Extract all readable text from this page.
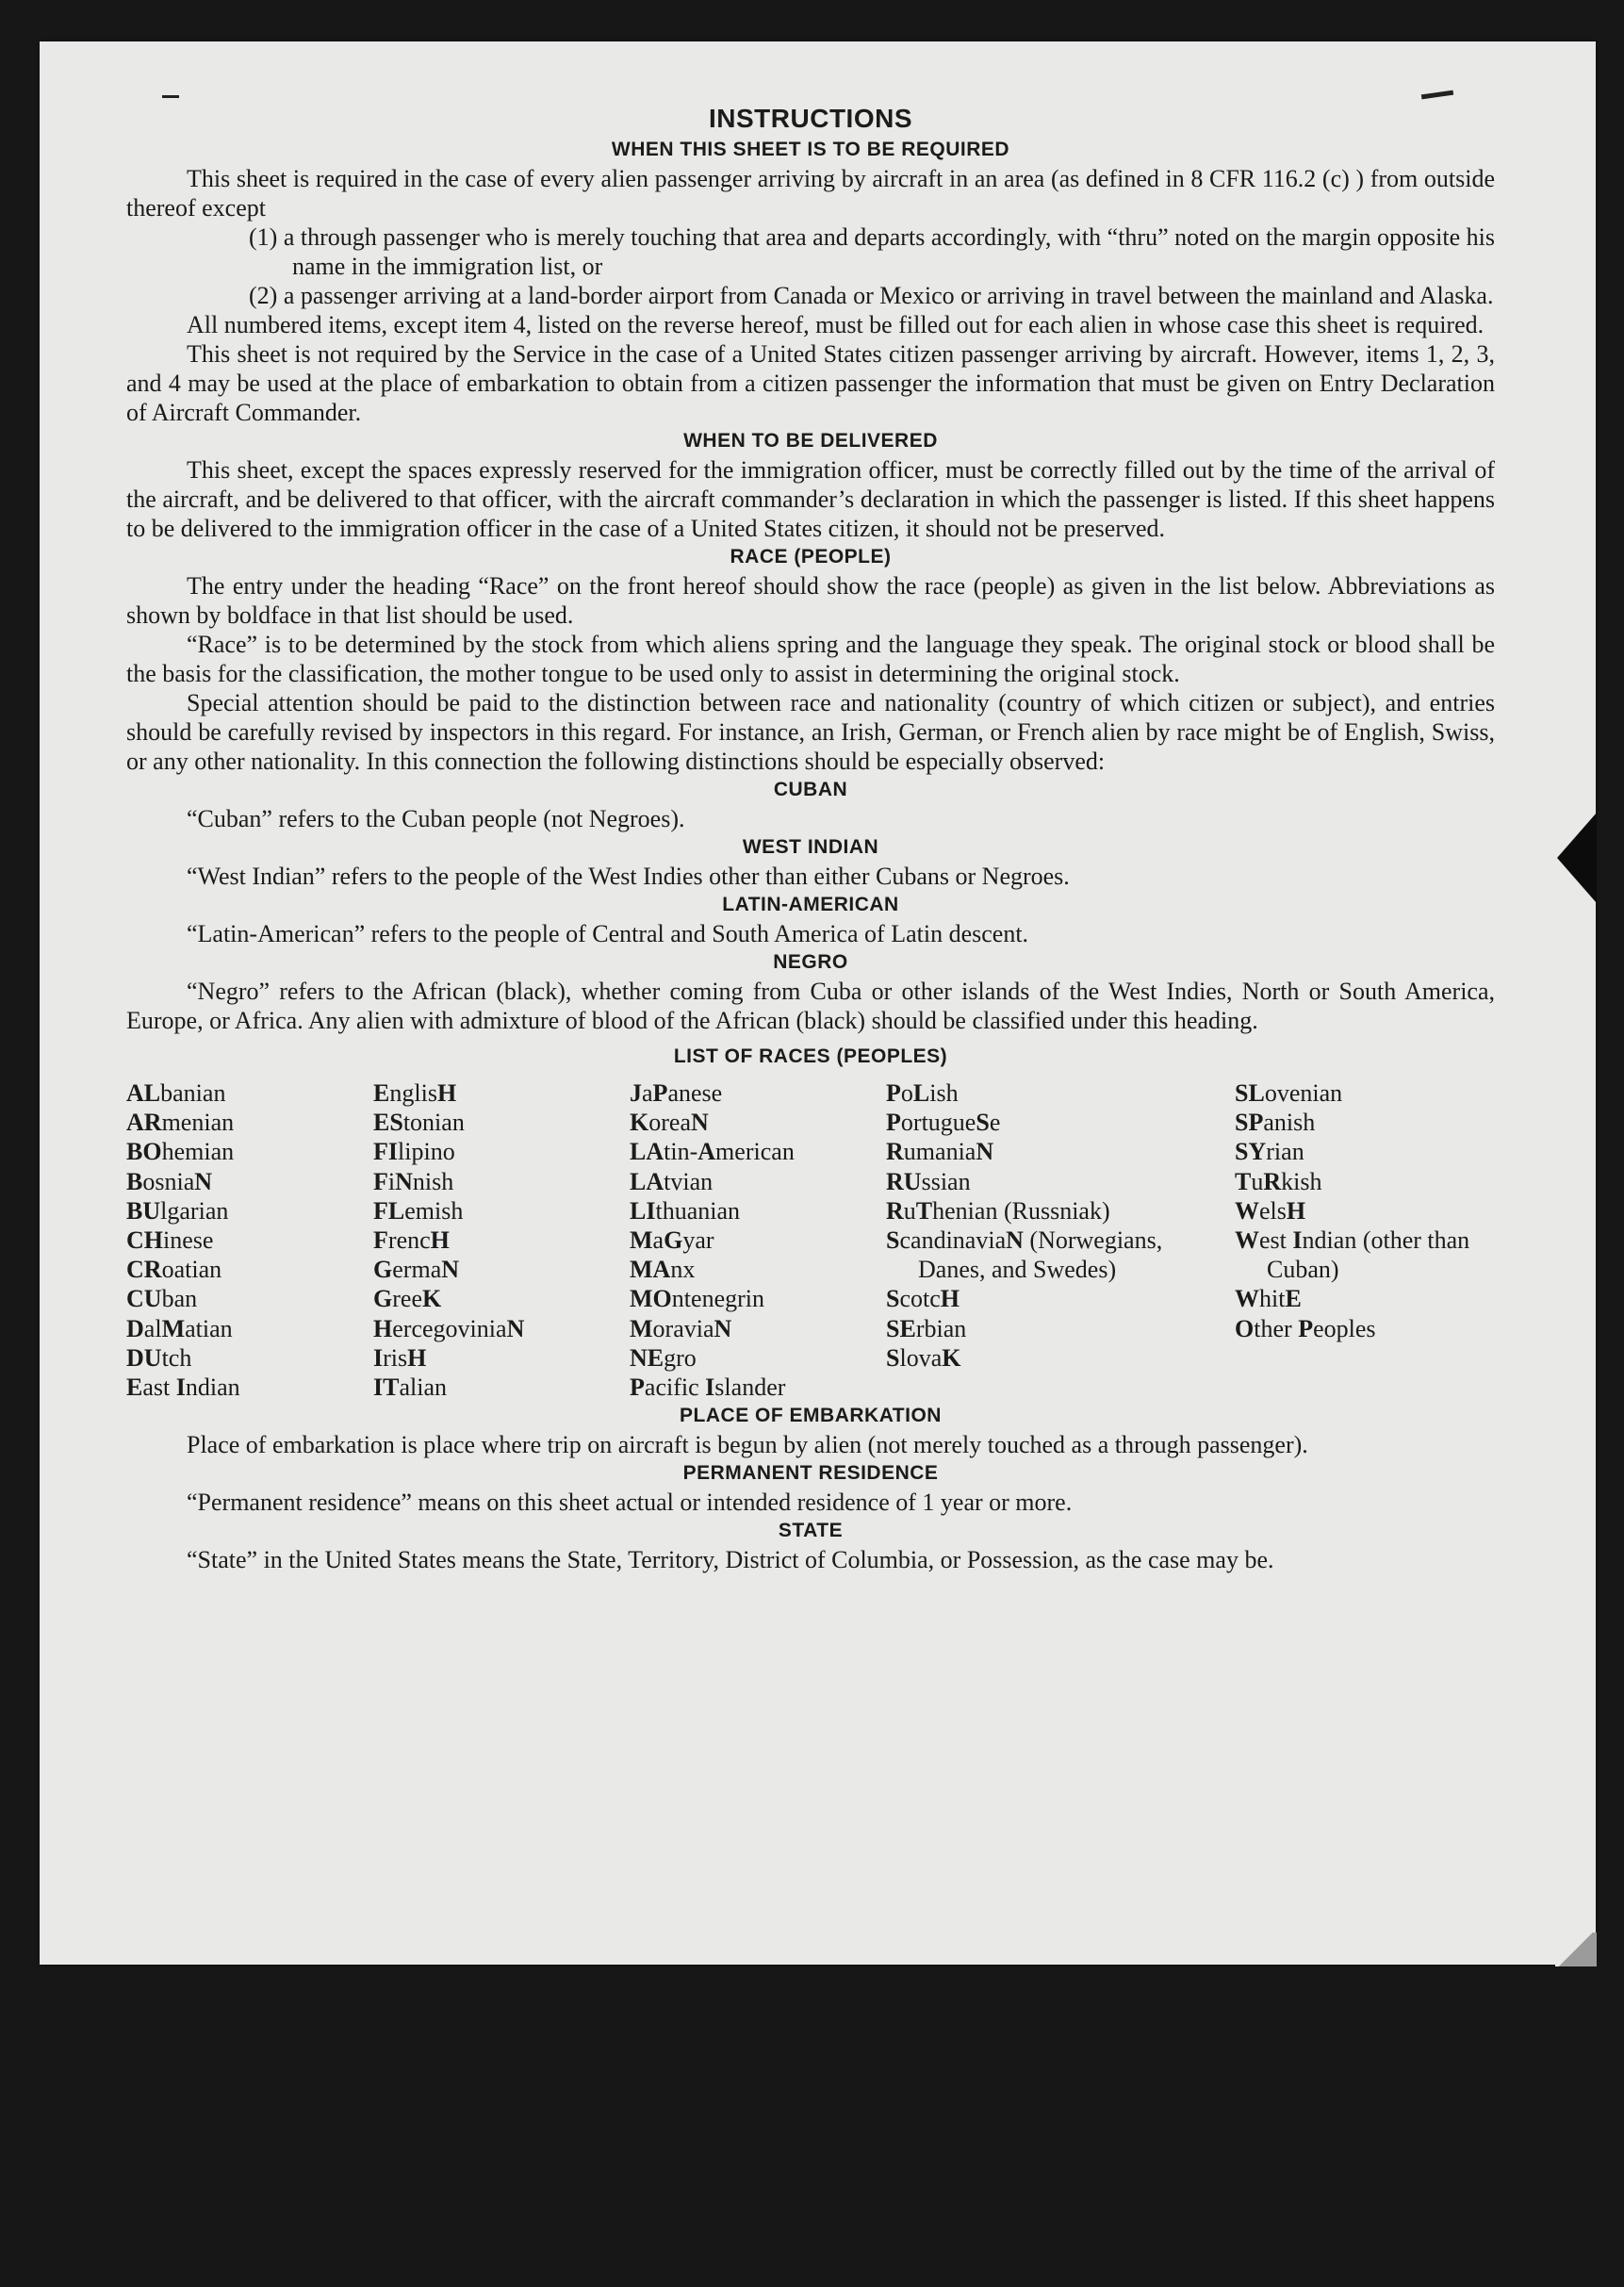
INSTRUCTIONS
WHEN THIS SHEET IS TO BE REQUIRED

This sheet is required in the case of every alien passenger arriving by aircraft in an area (as defined in 8 CFR 116.2 (c) ) from outside thereof except

(1) a through passenger who is merely touching that area and departs accordingly, with “thru” noted on the margin opposite his name in the immigration list, or
(2) a passenger arriving at a land-border airport from Canada or Mexico or arriving in travel between the mainland and Alaska.

All numbered items, except item 4, listed on the reverse hereof, must be filled out for each alien in whose case this sheet is required.

This sheet is not required by the Service in the case of a United States citizen passenger arriving by aircraft. However, items 1, 2, 3, and 4 may be used at the place of embarkation to obtain from a citizen passenger the information that must be given on Entry Declaration of Aircraft Commander.

WHEN TO BE DELIVERED

This sheet, except the spaces expressly reserved for the immigration officer, must be correctly filled out by the time of the arrival of the aircraft, and be delivered to that officer, with the aircraft commander’s declaration in which the passenger is listed. If this sheet happens to be delivered to the immigration officer in the case of a United States citizen, it should not be preserved.

RACE (PEOPLE)

The entry under the heading “Race” on the front hereof should show the race (people) as given in the list below. Abbreviations as shown by boldface in that list should be used.

“Race” is to be determined by the stock from which aliens spring and the language they speak. The original stock or blood shall be the basis for the classification, the mother tongue to be used only to assist in determining the original stock.

Special attention should be paid to the distinction between race and nationality (country of which citizen or subject), and entries should be carefully revised by inspectors in this regard. For instance, an Irish, German, or French alien by race might be of English, Swiss, or any other nationality. In this connection the following distinctions should be especially observed:

CUBAN
“Cuban” refers to the Cuban people (not Negroes).
WEST INDIAN
“West Indian” refers to the people of the West Indies other than either Cubans or Negroes.
LATIN-AMERICAN
“Latin-American” refers to the people of Central and South America of Latin descent.
NEGRO

“Negro” refers to the African (black), whether coming from Cuba or other islands of the West Indies, North or South America, Europe, or Africa. Any alien with admixture of blood of the African (black) should be classified under this heading.

LIST OF RACES (PEOPLES)
ALbanian
ARmenian
BOhemian
BosniaN
BUlgarian
CHinese
CRoatian
CUban
DalMatian
DUtch
East Indian
EnglisH
EStonian
FIlipino
FiNnish
FLemish
FrencH
GermaN
GreeK
HercegoviniaN
IrisH
ITalian
JaPanese
KoreaN
LAtin-American
LAtvian
LIthuanian
MaGyar
MAnx
MOntenegrin
MoraviaN
NEgro
Pacific Islander
PoLish
PortugueSe
RumaniaN
RUssian
RuThenian (Russniak)
ScandinaviaN (Norwegians, Danes, and Swedes)
ScotcH
SErbian
SlovaK
SLovenian
SPanish
SYrian
TuRkish
WelsH
West Indian (other than Cuban)
WhitE
Other Peoples
PLACE OF EMBARKATION

Place of embarkation is place where trip on aircraft is begun by alien (not merely touched as a through passenger).

PERMANENT RESIDENCE
“Permanent residence” means on this sheet actual or intended residence of 1 year or more.
STATE

“State” in the United States means the State, Territory, District of Columbia, or Possession, as the case may be.
